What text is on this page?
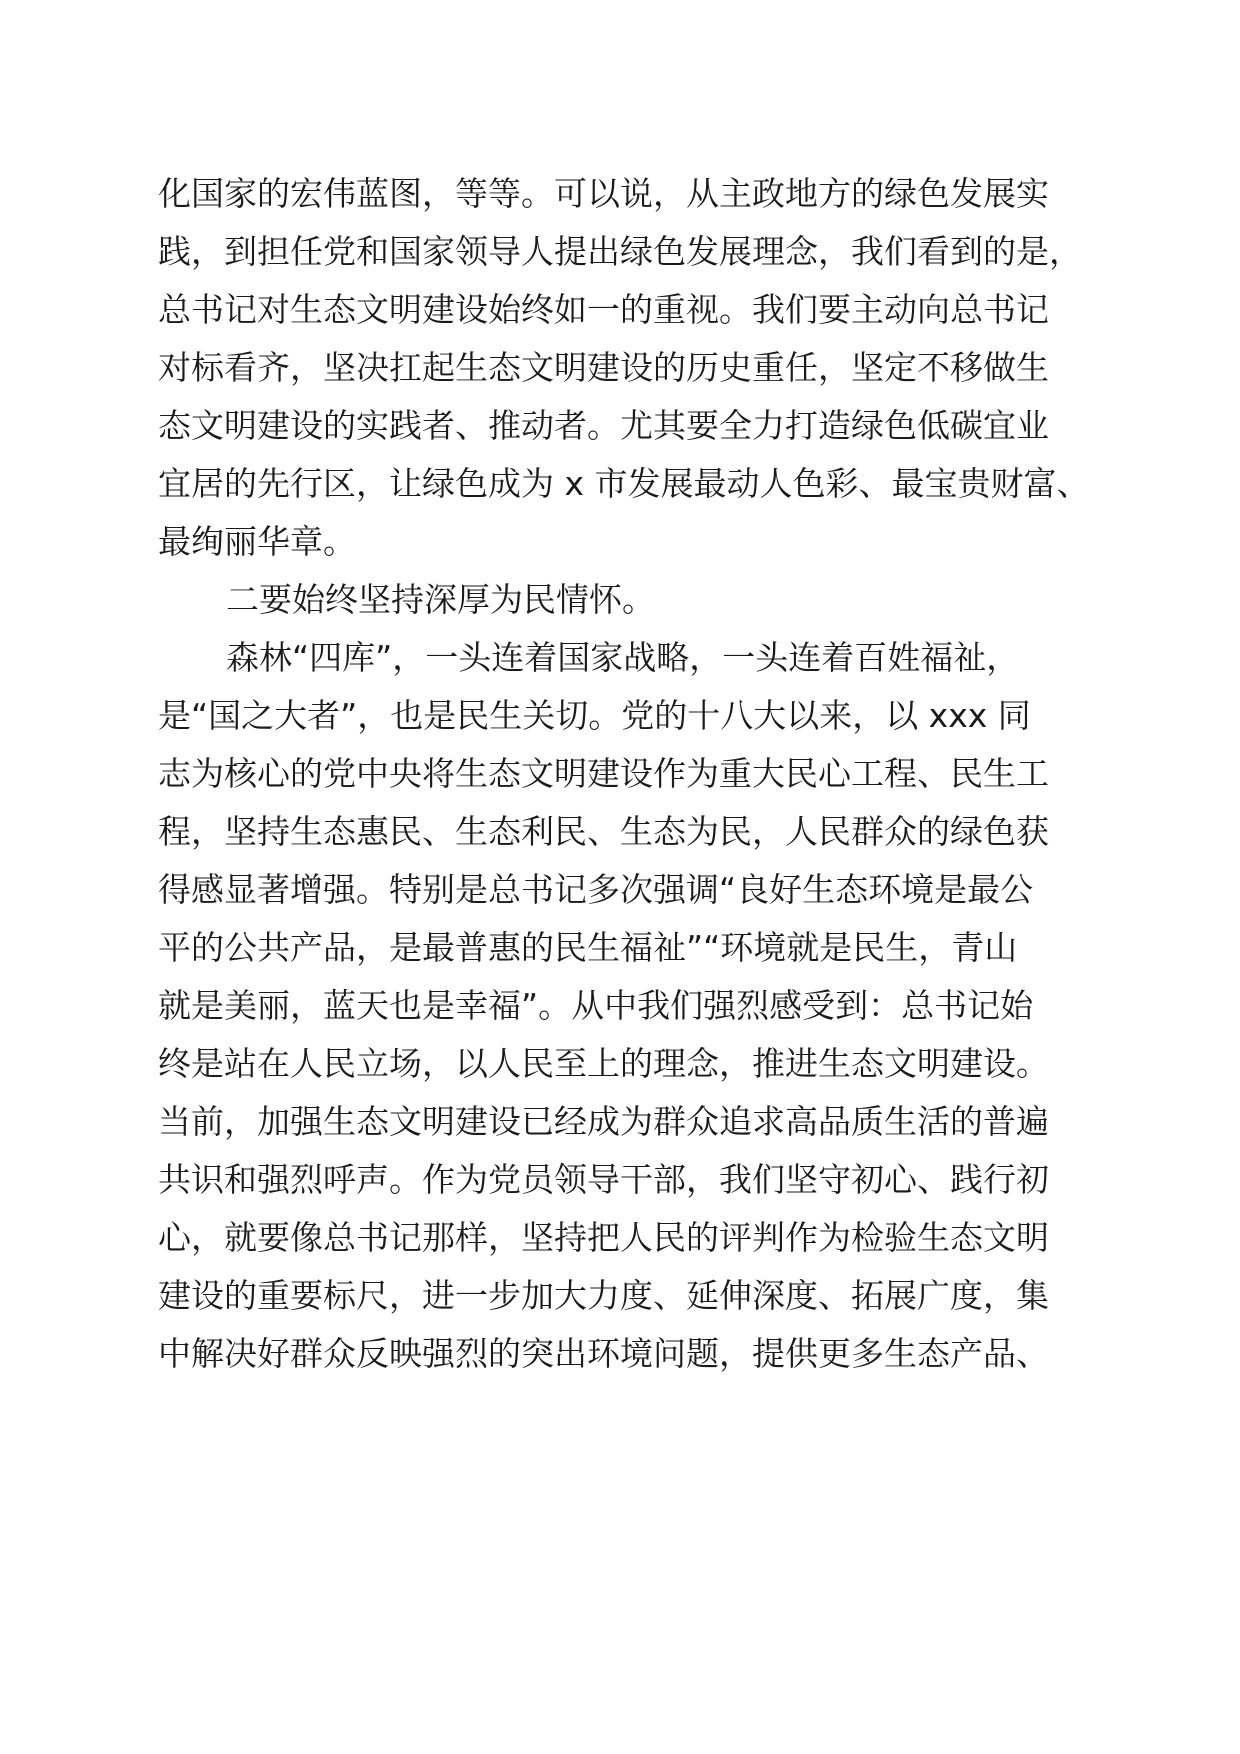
化国家的宏伟蓝图，等等。可以说，从主政地方的绿色发展实

践，到担任党和国家领导人提出绿色发展理念，我们看到的是，

总书记对生态文明建设始终如一的重视。我们要主动向总书记

对标看齐，坚决扛起生态文明建设的历史重任，坚定不移做生

态文明建设的实践者、推动者。尤其要全力打造绿色低碳宜业

宜居的先行区，让绿色成为 x 市发展最动人色彩、最宝贵财富、

最绚丽华章。

二要始终坚持深厚为民情怀。

森林“四库”，一头连着国家战略，一头连着百姓福祉，

是“国之大者”，也是民生关切。党的十八大以来，以 xxx 同

志为核心的党中央将生态文明建设作为重大民心工程、民生工

程，坚持生态惠民、生态利民、生态为民，人民群众的绿色获

得感显著增强。特别是总书记多次强调“良好生态环境是最公

平的公共产品，是最普惠的民生福祉”“环境就是民生，青山

就是美丽，蓝天也是幸福”。从中我们强烈感受到：总书记始

终是站在人民立场，以人民至上的理念，推进生态文明建设。

当前，加强生态文明建设已经成为群众追求高品质生活的普遍

共识和强烈呼声。作为党员领导干部，我们坚守初心、践行初

心，就要像总书记那样，坚持把人民的评判作为检验生态文明

建设的重要标尺，进一步加大力度、延伸深度、拓展广度，集

中解决好群众反映强烈的突出环境问题，提供更多生态产品、
